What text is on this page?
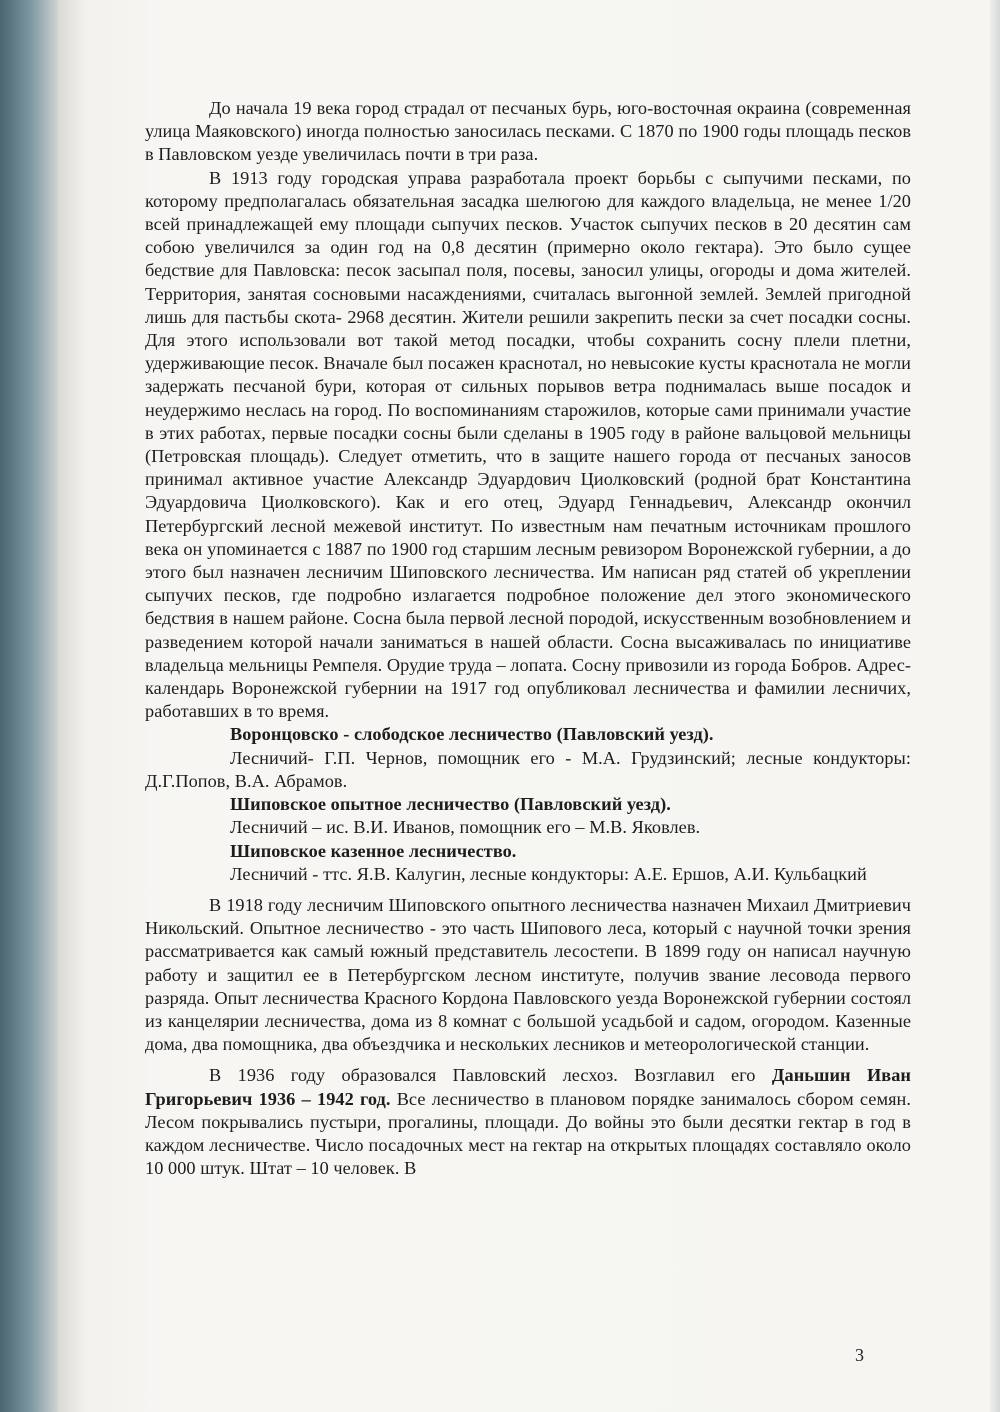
До начала 19 века город страдал от песчаных бурь, юго-восточная окраина (современная улица Маяковского) иногда полностью заносилась песками. С 1870 по 1900 годы площадь песков в Павловском уезде увеличилась почти в три раза.

В 1913 году городская управа разработала проект борьбы с сыпучими песками, по которому предполагалась обязательная засадка шелюгою для каждого владельца, не менее 1/20 всей принадлежащей ему площади сыпучих песков. Участок сыпучих песков в 20 десятин сам собою увеличился за один год на 0,8 десятин (примерно около гектара). Это было сущее бедствие для Павловска: песок засыпал поля, посевы, заносил улицы, огороды и дома жителей. Территория, занятая сосновыми насаждениями, считалась выгонной землей. Землей пригодной лишь для пастьбы скота- 2968 десятин. Жители решили закрепить пески за счет посадки сосны. Для этого использовали вот такой метод посадки, чтобы сохранить сосну плели плетни, удерживающие песок. Вначале был посажен краснотал, но невысокие кусты краснотала не могли задержать песчаной бури, которая от сильных порывов ветра поднималась выше посадок и неудержимо неслась на город. По воспоминаниям старожилов, которые сами принимали участие в этих работах, первые посадки сосны были сделаны в 1905 году в районе вальцовой мельницы (Петровская площадь). Следует отметить, что в защите нашего города от песчаных заносов принимал активное участие Александр Эдуардович Циолковский (родной брат Константина Эдуардовича Циолковского). Как и его отец, Эдуард Геннадьевич, Александр окончил Петербургский лесной межевой институт. По известным нам печатным источникам прошлого века он упоминается с 1887 по 1900 год старшим лесным ревизором Воронежской губернии, а до этого был назначен лесничим Шиповского лесничества. Им написан ряд статей об укреплении сыпучих песков, где подробно излагается подробное положение дел этого экономического бедствия в нашем районе. Сосна была первой лесной породой, искусственным возобновлением и разведением которой начали заниматься в нашей области. Сосна высаживалась по инициативе владельца мельницы Ремпеля. Орудие труда – лопата. Сосну привозили из города Бобров. Адрес-календарь Воронежской губернии на 1917 год опубликовал лесничества и фамилии лесничих, работавших в то время.

Воронцовско - слободское лесничество (Павловский уезд).

Лесничий- Г.П. Чернов, помощник его - М.А. Грудзинский; лесные кондукторы: Д.Г.Попов, В.А. Абрамов.

Шиповское опытное лесничество (Павловский уезд).

Лесничий – ис. В.И. Иванов, помощник его – М.В. Яковлев.

Шиповское казенное лесничество.

Лесничий - ттс. Я.В. Калугин, лесные кондукторы: А.Е. Ершов, А.И. Кульбацкий

В 1918 году лесничим Шиповского опытного лесничества назначен Михаил Дмитриевич Никольский. Опытное лесничество - это часть Шипового леса, который с научной точки зрения рассматривается как самый южный представитель лесостепи. В 1899 году он написал научную работу и защитил ее в Петербургском лесном институте, получив звание лесовода первого разряда. Опыт лесничества Красного Кордона Павловского уезда Воронежской губернии состоял из канцелярии лесничества, дома из 8 комнат с большой усадьбой и садом, огородом. Казенные дома, два помощника, два объездчика и нескольких лесников и метеорологической станции.

В 1936 году образовался Павловский лесхоз. Возглавил его Даньшин Иван Григорьевич 1936 – 1942 год. Все лесничество в плановом порядке занималось сбором семян. Лесом покрывались пустыри, прогалины, площади. До войны это были десятки гектар в год в каждом лесничестве. Число посадочных мест на гектар на открытых площадях составляло около 10 000 штук. Штат – 10 человек. В

3
